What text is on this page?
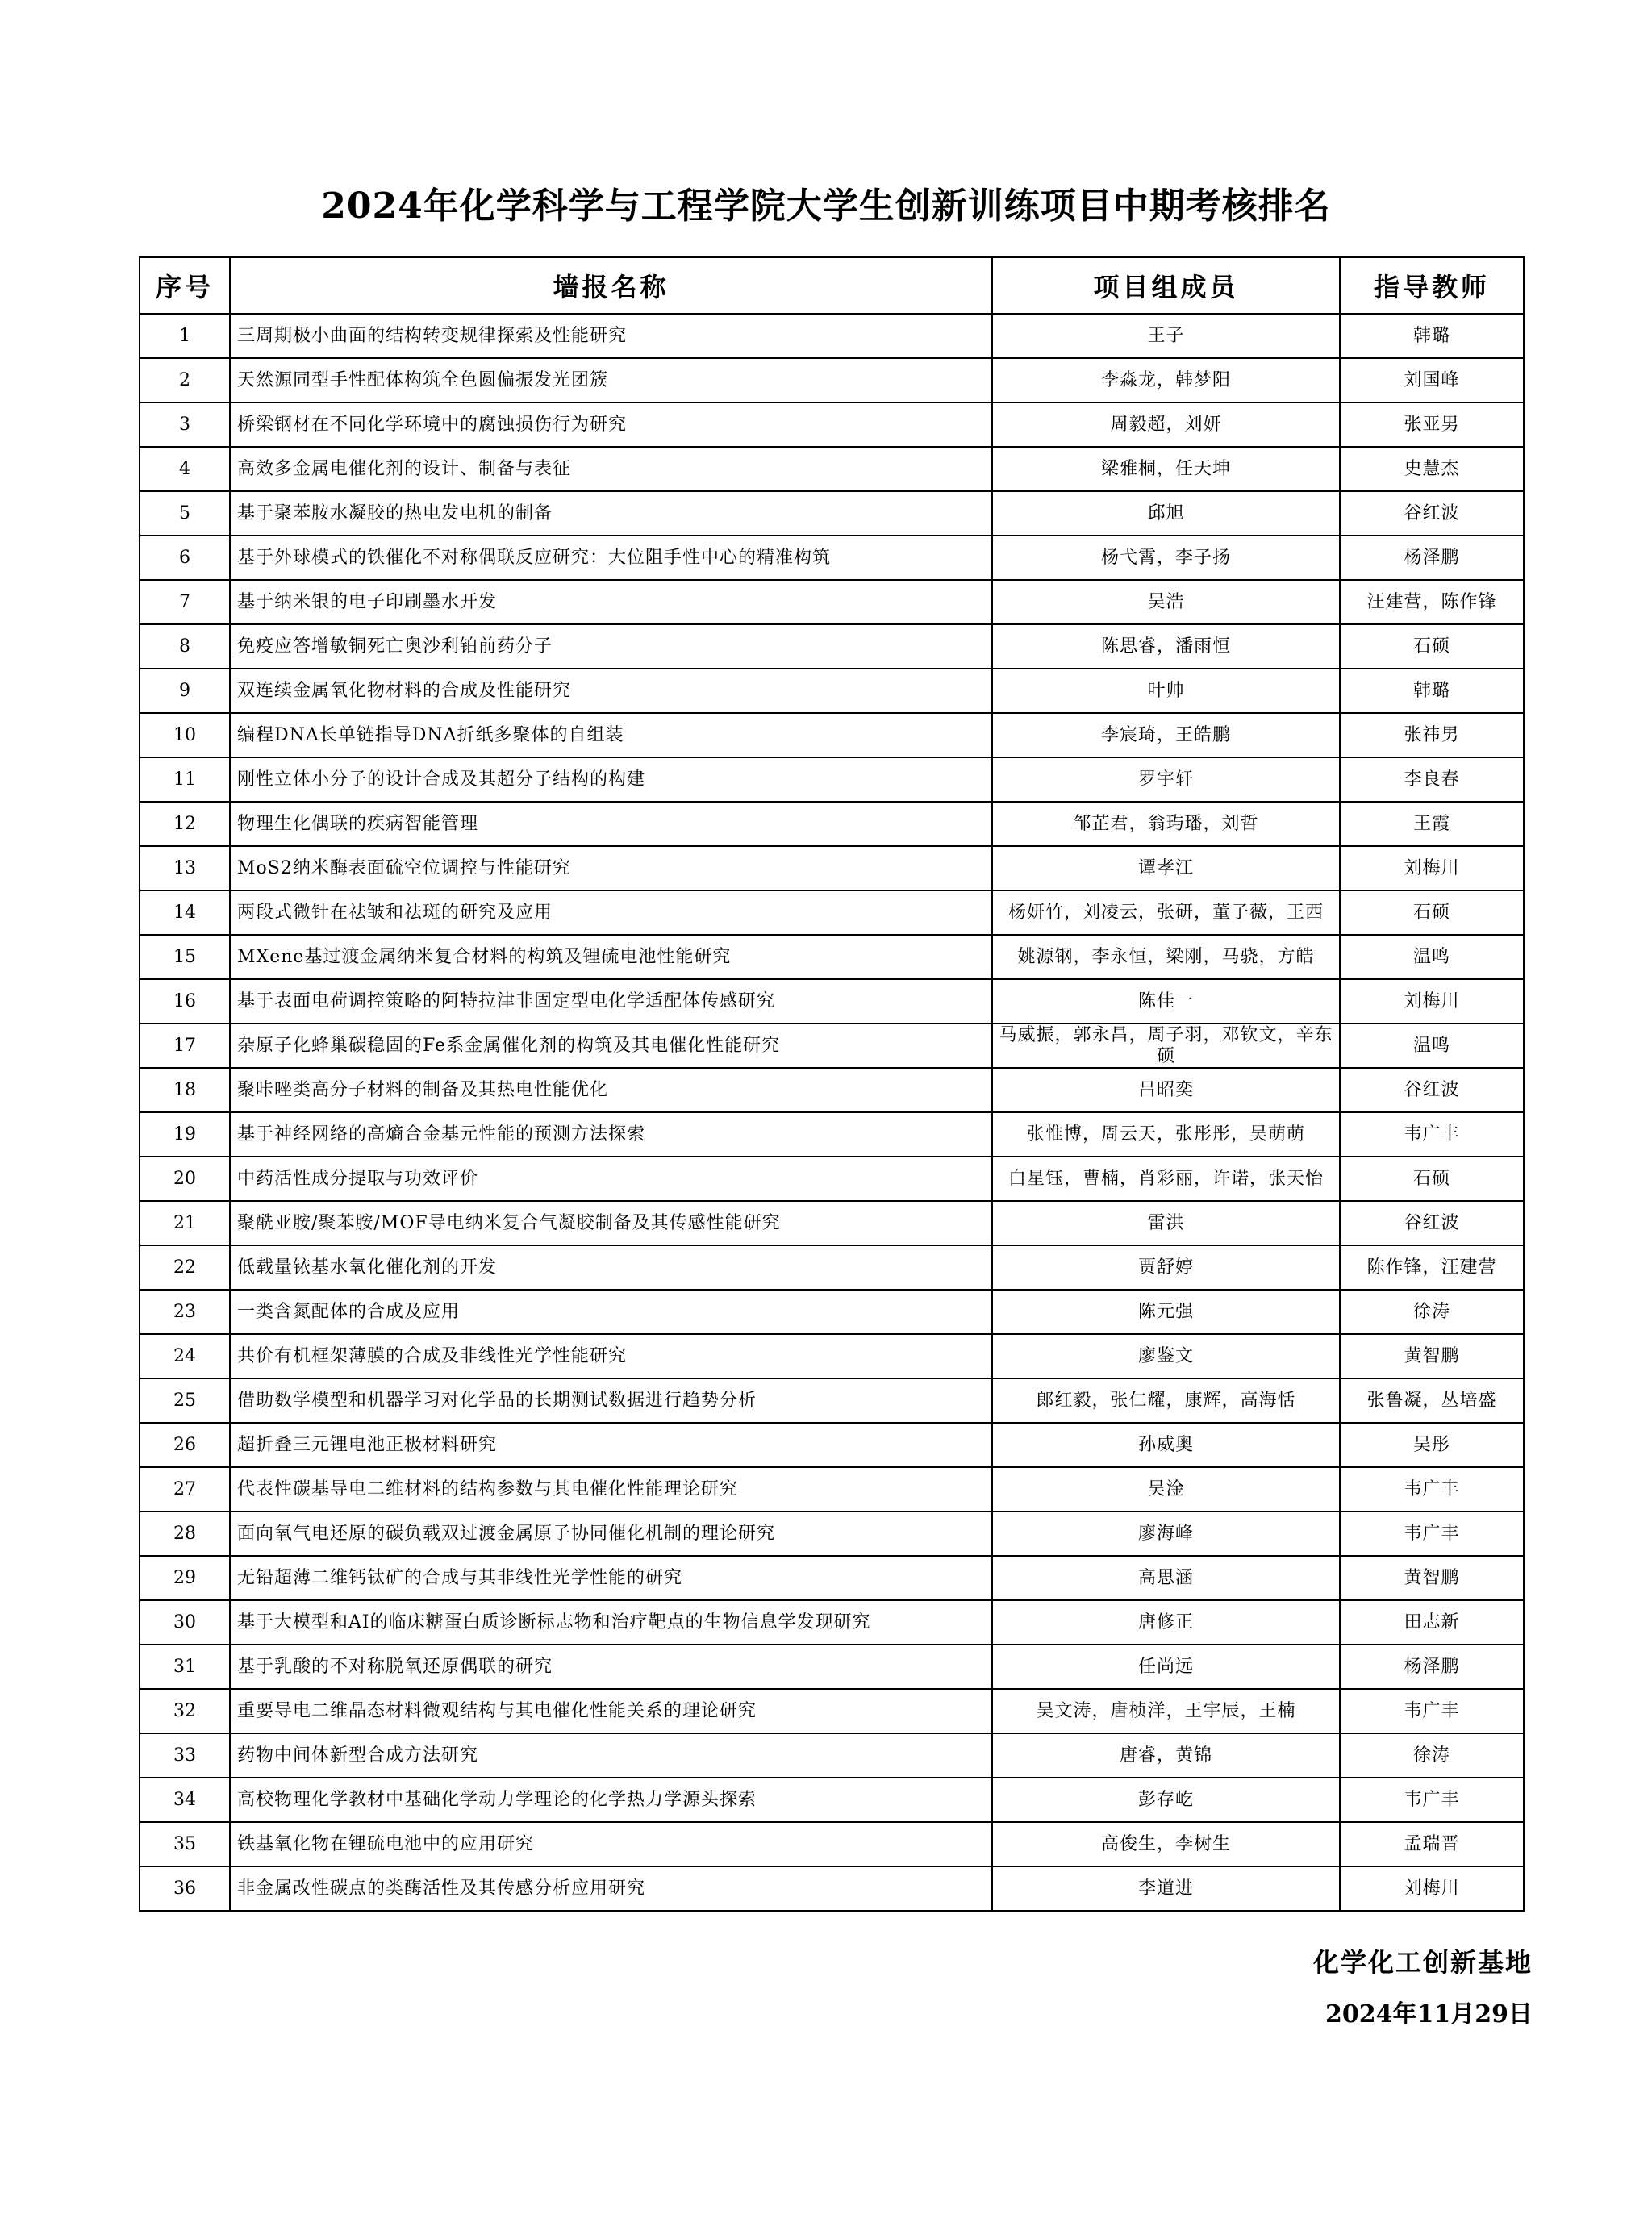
2024年化学科学与工程学院大学生创新训练项目中期考核排名
序号	墙报名称	项目组成员	指导教师
1	三周期极小曲面的结构转变规律探索及性能研究	王子	韩璐
2	天然源同型手性配体构筑全色圆偏振发光团簇	李淼龙，韩梦阳	刘国峰
3	桥梁钢材在不同化学环境中的腐蚀损伤行为研究	周毅超，刘妍	张亚男
4	高效多金属电催化剂的设计、制备与表征	梁雅桐，任天坤	史慧杰
5	基于聚苯胺水凝胶的热电发电机的制备	邱旭	谷红波
6	基于外球模式的铁催化不对称偶联反应研究：大位阻手性中心的精准构筑	杨弋霄，李子扬	杨泽鹏
7	基于纳米银的电子印刷墨水开发	吴浩	汪建营，陈作锋
8	免疫应答增敏铜死亡奥沙利铂前药分子	陈思睿，潘雨恒	石硕
9	双连续金属氧化物材料的合成及性能研究	叶帅	韩璐
10	编程DNA长单链指导DNA折纸多聚体的自组装	李宸琦，王皓鹏	张祎男
11	刚性立体小分子的设计合成及其超分子结构的构建	罗宇轩	李良春
12	物理生化偶联的疾病智能管理	邹芷君，翁玙璠，刘哲	王霞
13	MoS2纳米酶表面硫空位调控与性能研究	谭孝江	刘梅川
14	两段式微针在祛皱和祛斑的研究及应用	杨妍竹，刘凌云，张研，董子薇，王西	石硕
15	MXene基过渡金属纳米复合材料的构筑及锂硫电池性能研究	姚源钢，李永恒，梁刚，马骁，方皓	温鸣
16	基于表面电荷调控策略的阿特拉津非固定型电化学适配体传感研究	陈佳一	刘梅川
17	杂原子化蜂巢碳稳固的Fe系金属催化剂的构筑及其电催化性能研究	马威振，郭永昌，周子羽，邓钦文，辛东硕	温鸣
18	聚咔唑类高分子材料的制备及其热电性能优化	吕昭奕	谷红波
19	基于神经网络的高熵合金基元性能的预测方法探索	张惟博，周云天，张彤彤，吴萌萌	韦广丰
20	中药活性成分提取与功效评价	白星钰，曹楠，肖彩丽，许诺，张天怡	石硕
21	聚酰亚胺/聚苯胺/MOF导电纳米复合气凝胶制备及其传感性能研究	雷洪	谷红波
22	低载量铱基水氧化催化剂的开发	贾舒婷	陈作锋，汪建营
23	一类含氮配体的合成及应用	陈元强	徐涛
24	共价有机框架薄膜的合成及非线性光学性能研究	廖鉴文	黄智鹏
25	借助数学模型和机器学习对化学品的长期测试数据进行趋势分析	郎红毅，张仁耀，康辉，高海恬	张鲁凝，丛培盛
26	超折叠三元锂电池正极材料研究	孙威奥	吴彤
27	代表性碳基导电二维材料的结构参数与其电催化性能理论研究	吴淦	韦广丰
28	面向氧气电还原的碳负载双过渡金属原子协同催化机制的理论研究	廖海峰	韦广丰
29	无铅超薄二维钙钛矿的合成与其非线性光学性能的研究	高思涵	黄智鹏
30	基于大模型和AI的临床糖蛋白质诊断标志物和治疗靶点的生物信息学发现研究	唐修正	田志新
31	基于乳酸的不对称脱氧还原偶联的研究	任尚远	杨泽鹏
32	重要导电二维晶态材料微观结构与其电催化性能关系的理论研究	吴文涛，唐桢洋，王宇辰，王楠	韦广丰
33	药物中间体新型合成方法研究	唐睿，黄锦	徐涛
34	高校物理化学教材中基础化学动力学理论的化学热力学源头探索	彭存屹	韦广丰
35	铁基氧化物在锂硫电池中的应用研究	高俊生，李树生	孟瑞晋
36	非金属改性碳点的类酶活性及其传感分析应用研究	李道进	刘梅川
化学化工创新基地
2024年11月29日
